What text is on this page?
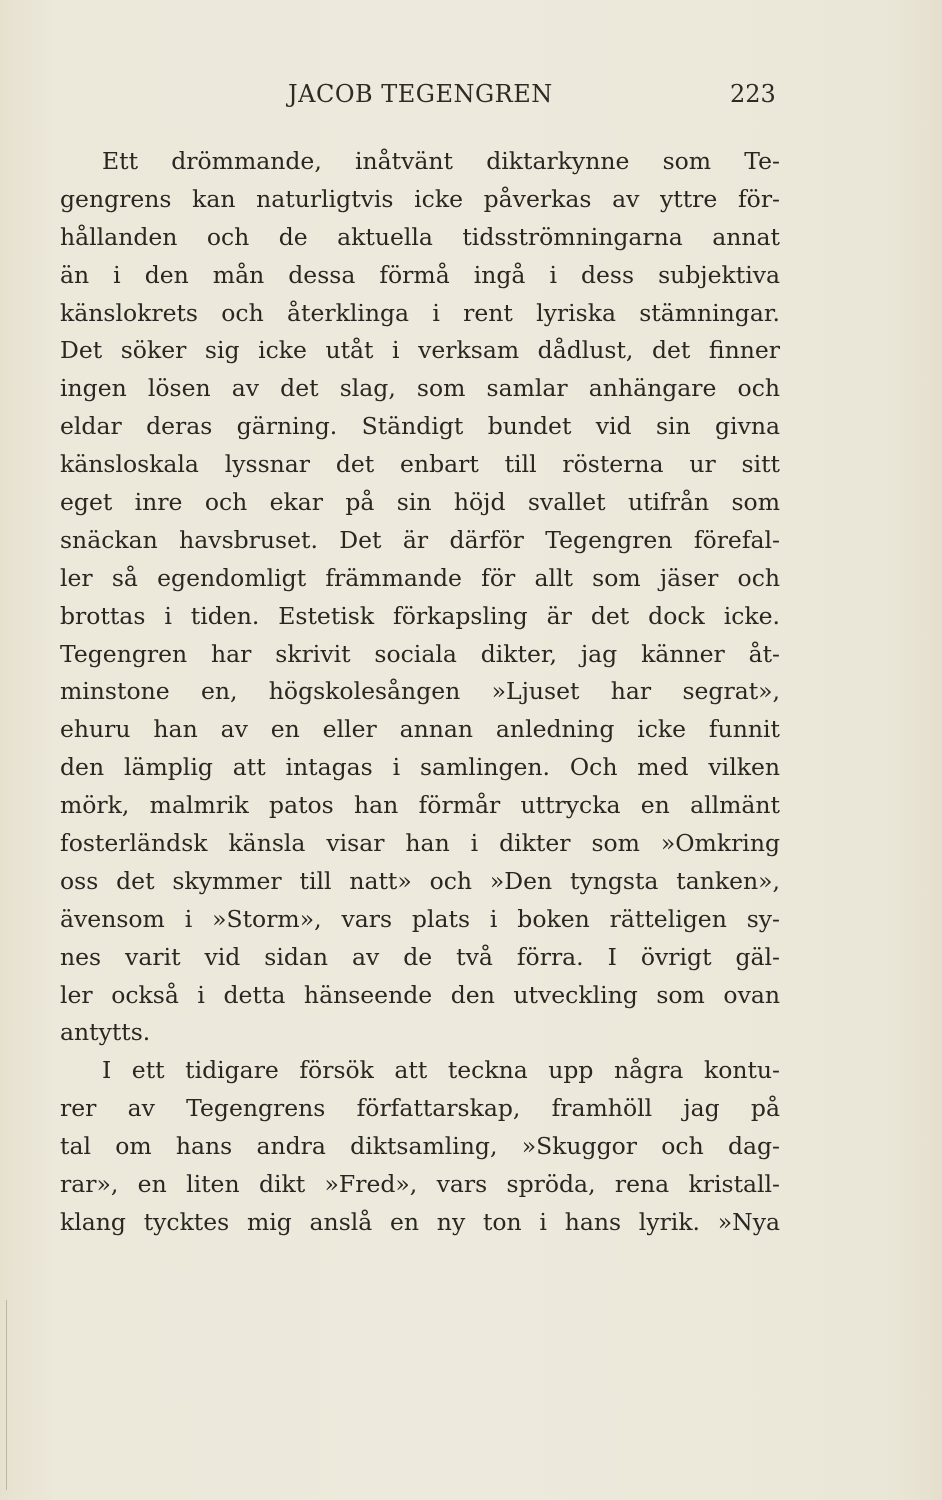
JACOB TEGENGREN	223
Ett drömmande, inåtvänt diktarkynne som Te-
gengrens kan naturligtvis icke påverkas av yttre för-
hållanden och de aktuella tidsströmningarna annat
än i den mån dessa förmå ingå i dess subjektiva
känslokrets och återklinga i rent lyriska stämningar.
Det söker sig icke utåt i verksam dådlust, det finner
ingen lösen av det slag, som samlar anhängare och
eldar deras gärning. Ständigt bundet vid sin givna
känsloskala lyssnar det enbart till rösterna ur sitt
eget inre och ekar på sin höjd svallet utifrån som
snäckan havsbruset. Det är därför Tegengren förefal-
ler så egendomligt främmande för allt som jäser och
brottas i tiden. Estetisk förkapsling är det dock icke.
Tegengren har skrivit sociala dikter, jag känner åt-
minstone en, högskolesången »Ljuset har segrat»,
ehuru han av en eller annan anledning icke funnit
den lämplig att intagas i samlingen. Och med vilken
mörk, malmrik patos han förmår uttrycka en allmänt
fosterländsk känsla visar han i dikter som »Omkring
oss det skymmer till natt» och »Den tyngsta tanken»,
ävensom i »Storm», vars plats i boken rätteligen sy-
nes varit vid sidan av de två förra. I övrigt gäl-
ler också i detta hänseende den utveckling som ovan
antytts.
I ett tidigare försök att teckna upp några kontu-
rer av Tegengrens författarskap, framhöll jag på
tal om hans andra diktsamling, »Skuggor och dag-
rar», en liten dikt »Fred», vars spröda, rena kristall-
klang tycktes mig anslå en ny ton i hans lyrik. »Nya
